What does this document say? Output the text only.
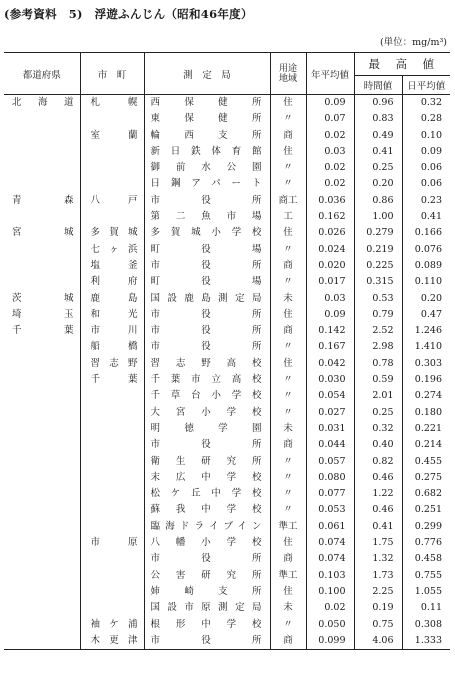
(参考資料　5)　浮遊ふんじん（昭和46年度）
(単位：mg/m³)
都道府県	市　町	測　定　局	用途
地域	年平均値	最　高　値	
					時間値	日平均値
北海道	札幌	西保健所	住	0.09	0.96	0.32
		東保健所	〃	0.07	0.83	0.28
	室蘭	輪西支所	商	0.02	0.49	0.10
		新日鉄体育館	住	0.03	0.41	0.09
		御前水公園	〃	0.02	0.25	0.06
		日鋼アパート	〃	0.02	0.20	0.06
青森	八戸	市役所	商工	0.036	0.86	0.23
		第二魚市場	工	0.162	1.00	0.41
宮城	多賀城	多賀城小学校	住	0.026	0.279	0.166
	七ヶ浜	町役場	〃	0.024	0.219	0.076
	塩釜	市役所	商	0.020	0.225	0.089
	利府	町役場	〃	0.017	0.315	0.110
茨城	鹿島	国設鹿島測定局	未	0.03	0.53	0.20
埼玉	和光	市役所	住	0.09	0.79	0.47
千葉	市川	市役所	商	0.142	2.52	1.246
	船橋	市役所	〃	0.167	2.98	1.410
	習志野	習志野高校	住	0.042	0.78	0.303
	千葉	千葉市立高校	〃	0.030	0.59	0.196
		千草台小学校	〃	0.054	2.01	0.274
		大宮小学校	〃	0.027	0.25	0.180
		明徳学園	未	0.031	0.32	0.221
		市役所	商	0.044	0.40	0.214
		衛生研究所	〃	0.057	0.82	0.455
		末広中学校	〃	0.080	0.46	0.275
		松ケ丘中学校	〃	0.077	1.22	0.682
		蘇我中学校	〃	0.053	0.46	0.251
		臨海ドライブイン	準工	0.061	0.41	0.299
	市原	八幡小学校	住	0.074	1.75	0.776
		市役所	商	0.074	1.32	0.458
		公害研究所	準工	0.103	1.73	0.755
		姉崎支所	住	0.100	2.25	1.055
		国設市原測定局	未	0.02	0.19	0.11
	袖ケ浦	根形中学校	〃	0.050	0.75	0.308
	木更津	市役所	商	0.099	4.06	1.333
